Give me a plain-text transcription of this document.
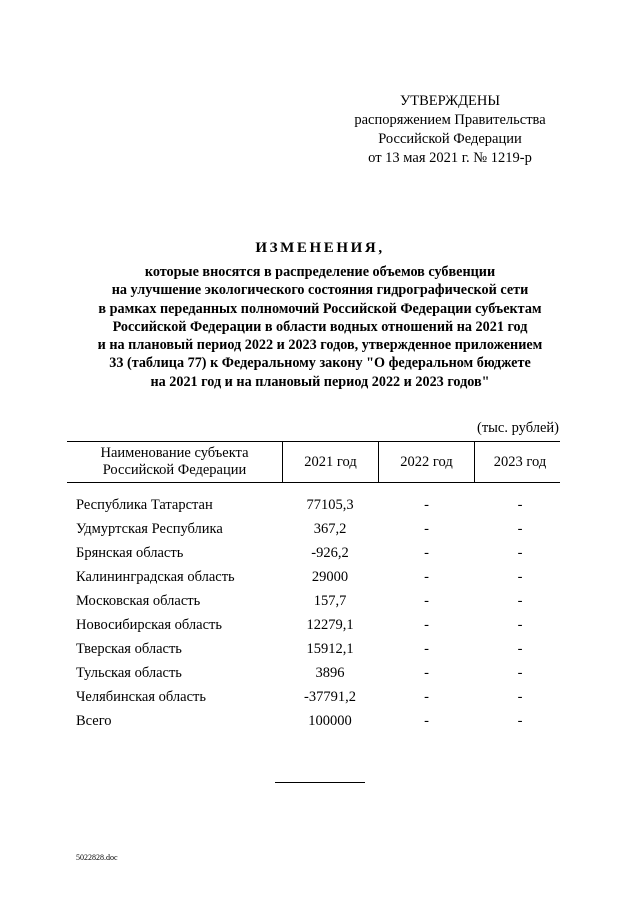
УТВЕРЖДЕНЫ
распоряжением Правительства
Российской Федерации
от 13 мая 2021 г. № 1219-р
ИЗМЕНЕНИЯ,
которые вносятся в распределение объемов субвенции
на улучшение экологического состояния гидрографической сети
в рамках переданных полномочий Российской Федерации субъектам
Российской Федерации в области водных отношений на 2021 год
и на плановый период 2022 и 2023 годов, утвержденное приложением
33 (таблица 77) к Федеральному закону "О федеральном бюджете
на 2021 год и на плановый период 2022 и 2023 годов"
(тыс. рублей)
Наименование субъекта
Российской Федерации
2021 год	2022 год	2023 год
Республика Татарстан	77105,3	-	-
Удмуртская Республика	367,2	-	-
Брянская область	-926,2	-	-
Калининградская область	29000	-	-
Московская область	157,7	-	-
Новосибирская область	12279,1	-	-
Тверская область	15912,1	-	-
Тульская область	3896	-	-
Челябинская область	-37791,2	-	-
Всего	100000	-	-
5022828.doc
